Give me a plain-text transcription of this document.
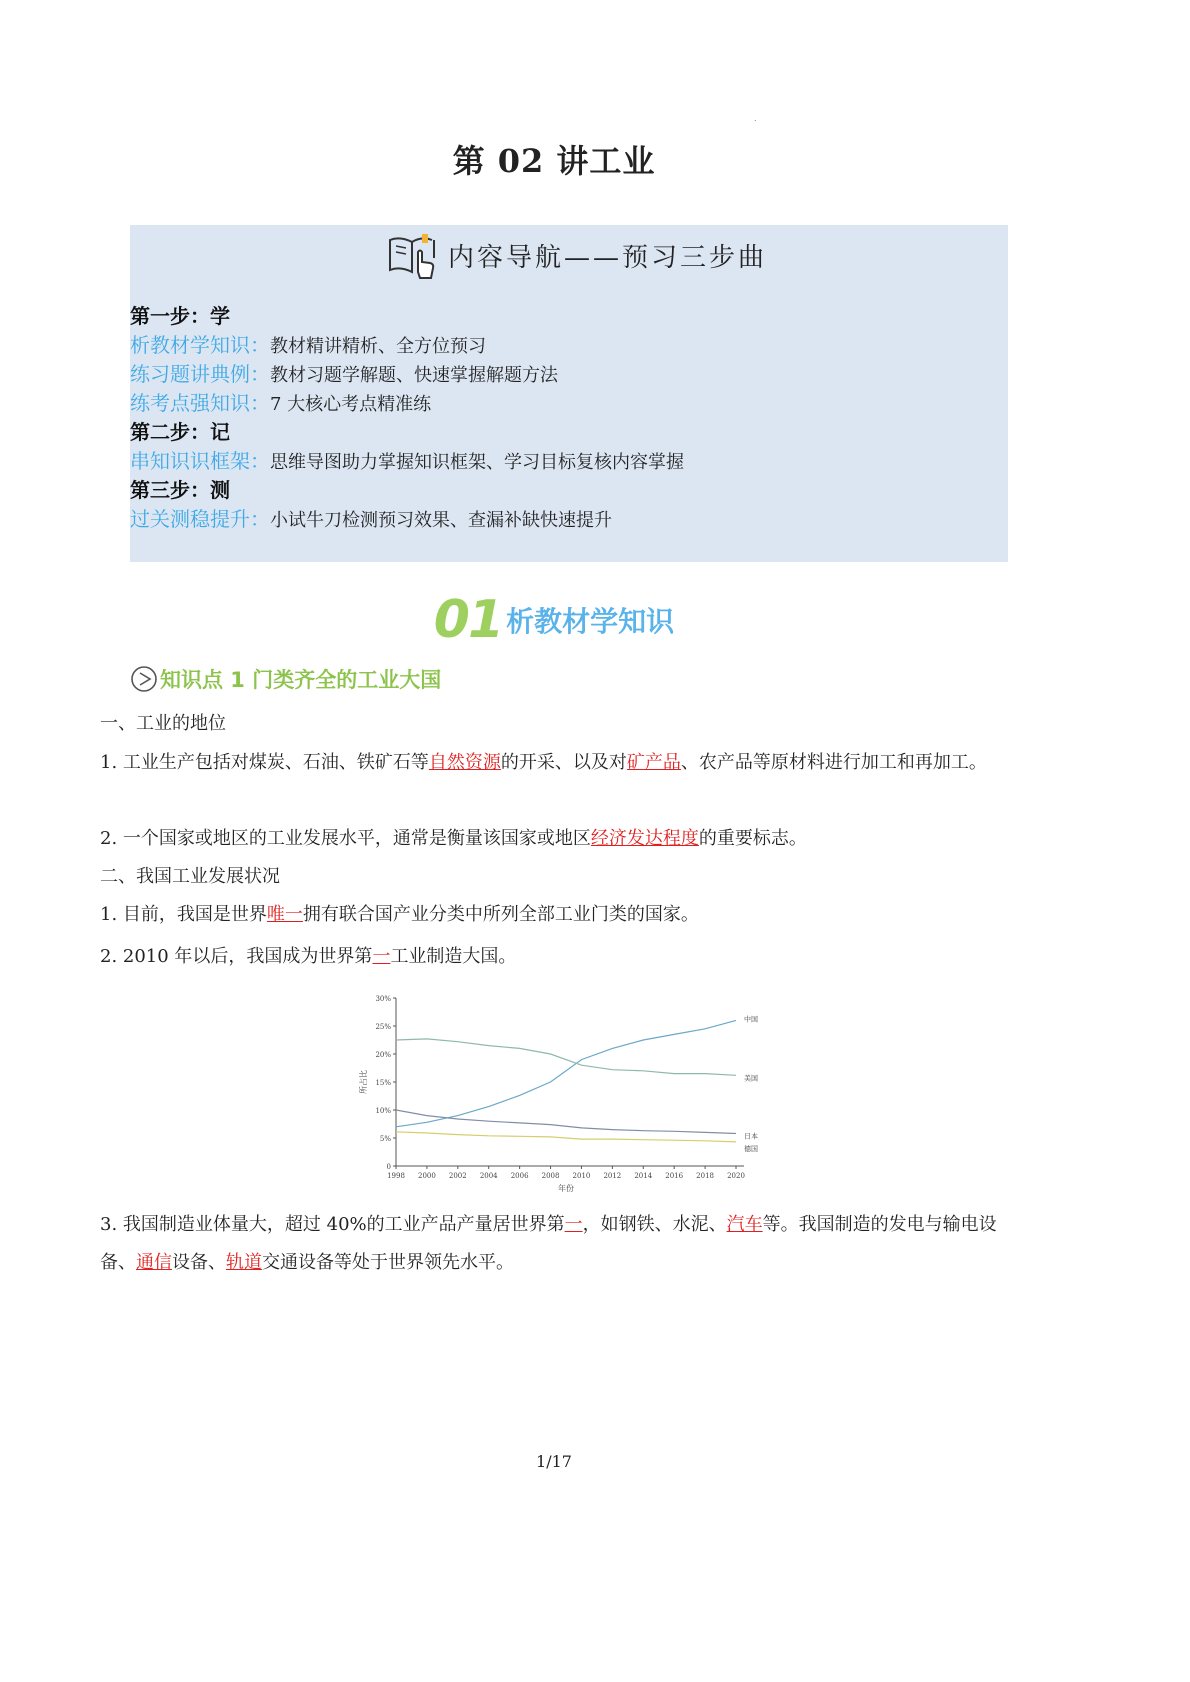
.
第 02 讲工业
内容导航——预习三步曲
第一步：学
析教材学知识：教材精讲精析、全方位预习
练习题讲典例：教材习题学解题、快速掌握解题方法
练考点强知识：7 大核心考点精准练
第二步：记
串知识识框架：思维导图助力掌握知识框架、学习目标复核内容掌握
第三步：测
过关测稳提升：小试牛刀检测预习效果、查漏补缺快速提升
01 析教材学知识
知识点 1 门类齐全的工业大国
一、工业的地位
1. 工业生产包括对煤炭、石油、铁矿石等自然资源的开采、以及对矿产品、农产品等原材料进行加工和再加工。
2. 一个国家或地区的工业发展水平，通常是衡量该国家或地区经济发达程度的重要标志。
二、我国工业发展状况
1. 目前，我国是世界唯一拥有联合国产业分类中所列全部工业门类的国家。
2. 2010 年以后，我国成为世界第一工业制造大国。
0
5%
10%
15%
20%
25%
30%
1998 2000 2002 2004 2006 2008 2010 2012 2014 2016 2018 2020
年份
所占比
中国
美国
日本
德国
3. 我国制造业体量大，超过 40%的工业产品产量居世界第一，如钢铁、水泥、汽车等。我国制造的发电与输电设备、通信设备、轨道交通设备等处于世界领先水平。
1/17
